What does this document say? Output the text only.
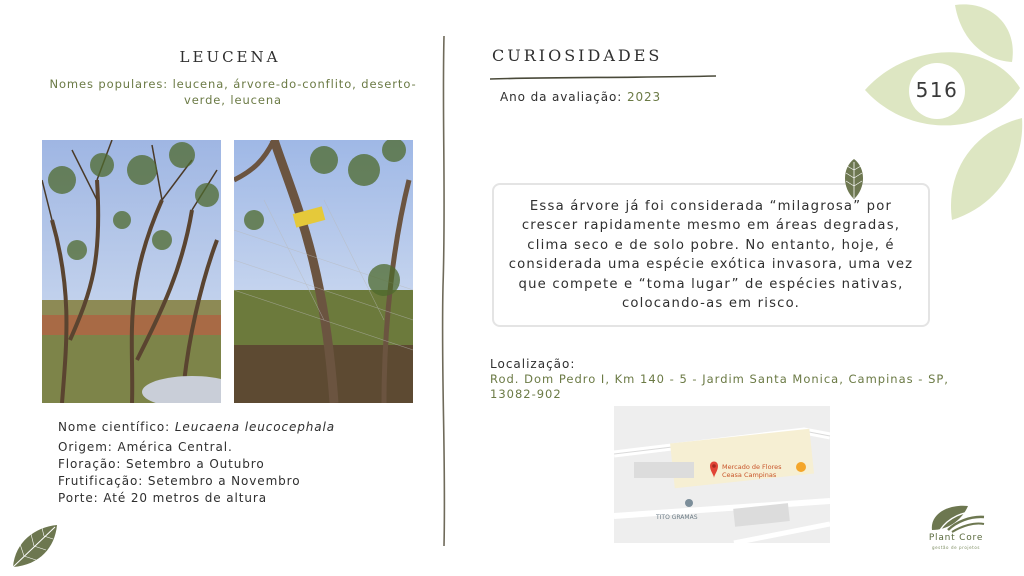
LEUCENA
Nomes populares: leucena, árvore-do-conflito, deserto-verde, leucena
Nome científico: Leucaena leucocephala
Origem: América Central.
Floração: Setembro a Outubro
Frutificação: Setembro a Novembro
Porte: Até 20 metros de altura
CURIOSIDADES
Ano da avaliação: 2023	516
Essa árvore já foi considerada “milagrosa” por crescer rapidamente mesmo em áreas degradas, clima seco e de solo pobre. No entanto, hoje, é considerada uma espécie exótica invasora, uma vez que compete e “toma lugar” de espécies nativas, colocando-as em risco.
Localização:
Rod. Dom Pedro I, Km 140 - 5 - Jardim Santa Monica, Campinas - SP, 13082-902
Mercado de Flores
Ceasa Campinas
TITO GRAMAS
Plant Core
gestão de projetos
